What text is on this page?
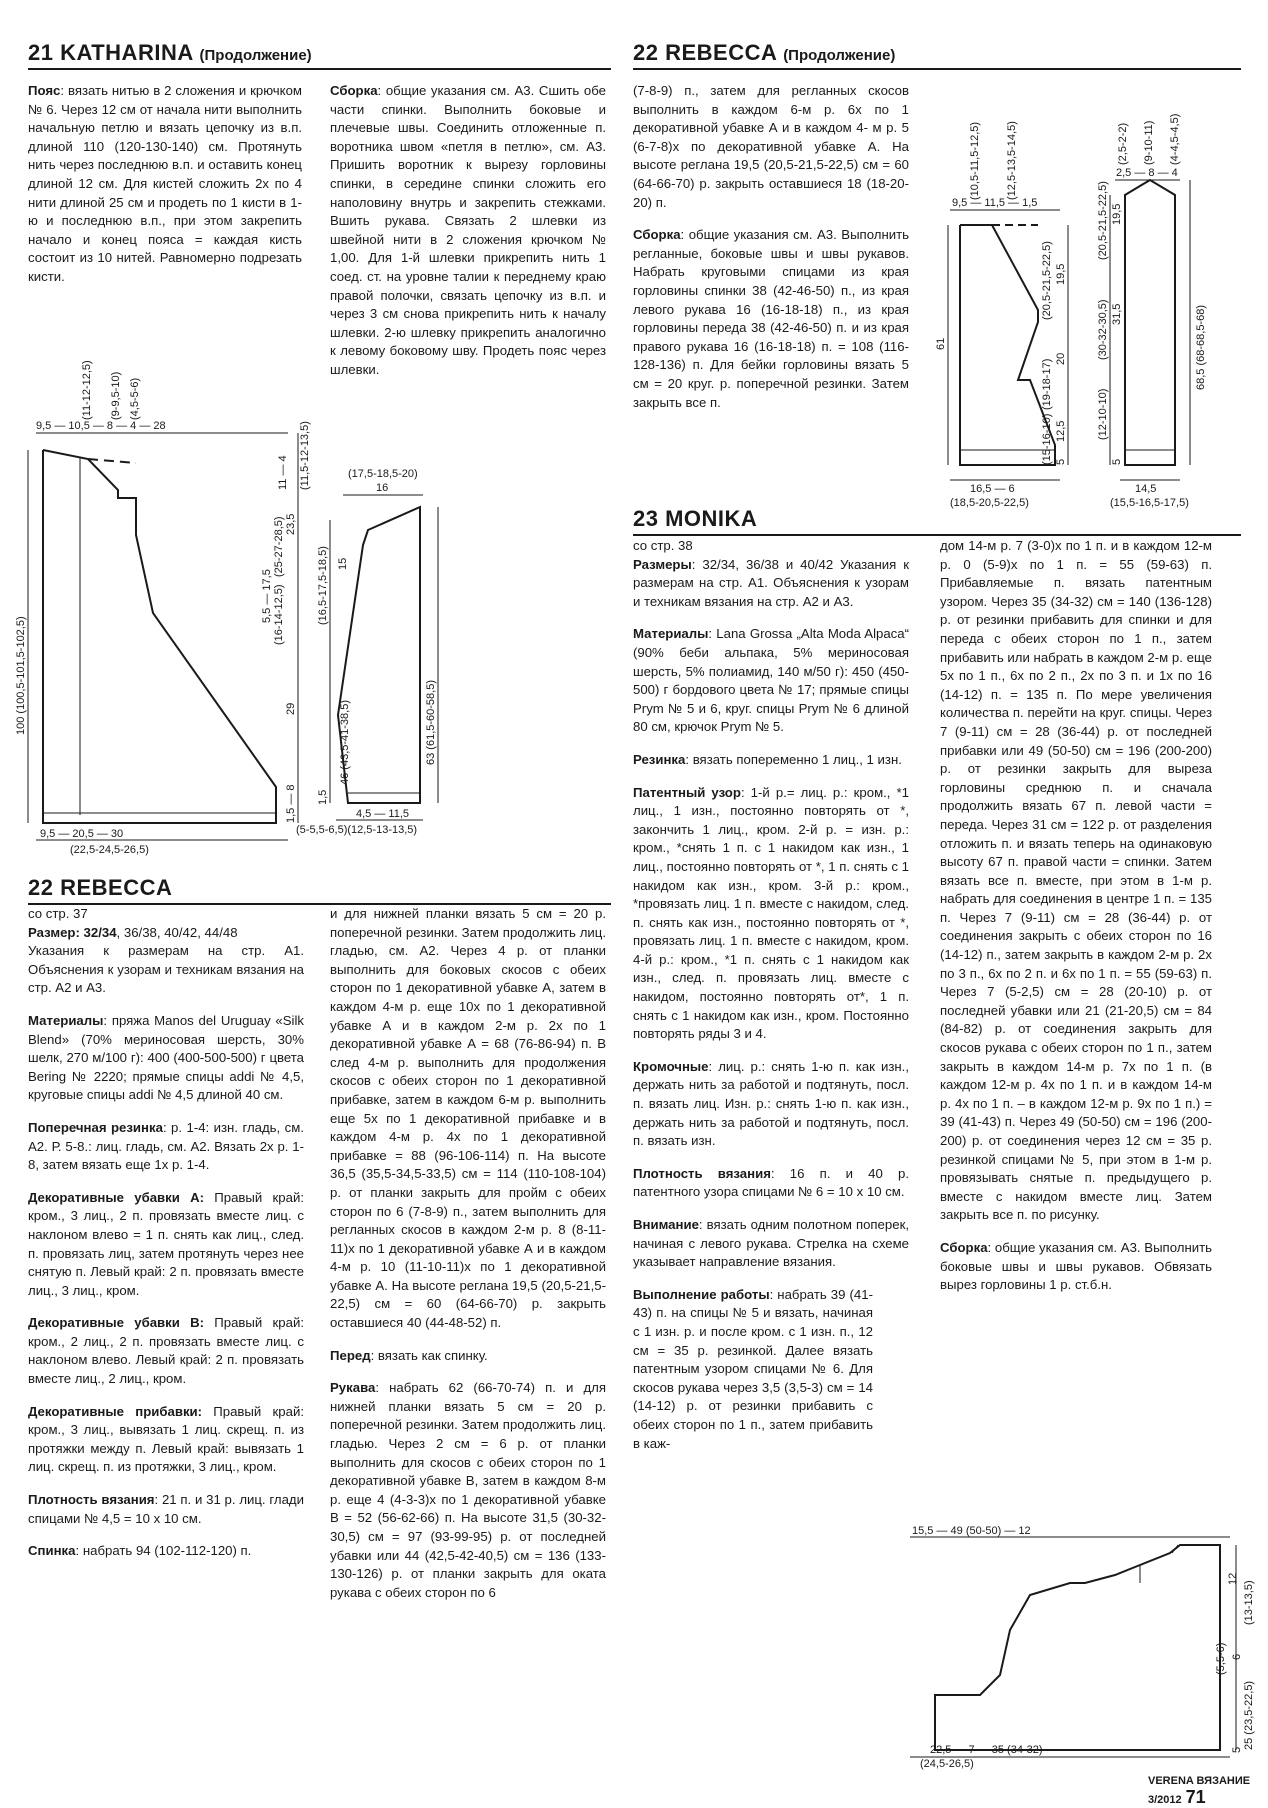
21 KATHARINA (Продолжение)

Пояс: вязать нитью в 2 сложения и крючком № 6. Через 12 см от начала нити выполнить начальную петлю и вязать цепочку из в.п. длиной 110 (120-130-140) см. Протянуть нить через последнюю в.п. и оставить конец длиной 12 см. Для кистей сложить 2х по 4 нити длиной 25 см и продеть по 1 кисти в 1-ю и последнюю в.п., при этом закрепить начало и конец пояса = каждая кисть состоит из 10 нитей. Равномерно подрезать кисти.

Сборка: общие указания см. А3. Сшить обе части спинки. Выполнить боковые и плечевые швы. Соединить отложенные п. воротника швом «петля в петлю», см. А3. Пришить воротник к вырезу горловины спинки, в середине спинки сложить его наполовину внутрь и закрепить стежками. Вшить рукава. Связать 2 шлевки из швейной нити в 2 сложения крючком № 1,00. Для 1-й шлевки прикрепить нить 1 соед. ст. на уровне талии к переднему краю правой полочки, связать цепочку из в.п. и через 3 см снова прикрепить нить к началу шлевки. 2-ю шлевку прикрепить аналогично к левому боковому шву. Продеть пояс через шлевки.

9,5 — 10,5 — 8 — 4 — 28
(11-12-12,5) (9-9,5-10) (4,5-5-6)
100 (100,5-101,5-102,5)
11 — 4 (11,5-12-13,5)
23,5
(25-27-28,5)
5,5 — 17,5 (16-14-12,5)
29
1,5 — 8
9,5 — 20,5 — 30
(22,5-24,5-26,5)
(17,5-18,5-20)
16
(16,5-17,5-18,5) 15
46 (43,5-41-38,5)
1,5
63 (61,5-60-58,5)
4,5 — 11,5
(5-5,5-6,5)(12,5-13-13,5)
22 REBECCA

со стр. 37
Размер: 32/34, 36/38, 40/42, 44/48
Указания к размерам на стр. А1. Объяснения к узорам и техникам вязания на стр. А2 и А3.

Материалы: пряжа Manos del Uruguay «Silk Blend» (70% мериносовая шерсть, 30% шелк, 270 м/100 г): 400 (400-500-500) г цвета Bering № 2220; прямые спицы addi № 4,5, круговые спицы addi № 4,5 длиной 40 см.

Поперечная резинка: р. 1-4: изн. гладь, см. А2. Р. 5-8.: лиц. гладь, см. А2. Вязать 2х р. 1-8, затем вязать еще 1х р. 1-4.

Декоративные убавки А: Правый край: кром., 3 лиц., 2 п. провязать вместе лиц. с наклоном влево = 1 п. снять как лиц., след. п. провязать лиц, затем протянуть через нее снятую п. Левый край: 2 п. провязать вместе лиц., 3 лиц., кром.

Декоративные убавки В: Правый край: кром., 2 лиц., 2 п. провязать вместе лиц. с наклоном влево. Левый край: 2 п. провязать вместе лиц., 2 лиц., кром.

Декоративные прибавки: Правый край: кром., 3 лиц., вывязать 1 лиц. скрещ. п. из протяжки между п. Левый край: вывязать 1 лиц. скрещ. п. из протяжки, 3 лиц., кром.

Плотность вязания: 21 п. и 31 р. лиц. глади спицами № 4,5 = 10 х 10 см.

Спинка: набрать 94 (102-112-120) п.

и для нижней планки вязать 5 см = 20 р. поперечной резинки. Затем продолжить лиц. гладью, см. А2. Через 4 р. от планки выполнить для боковых скосов с обеих сторон по 1 декоративной убавке А, затем в каждом 4-м р. еще 10х по 1 декоративной убавке А и в каждом 2-м р. 2х по 1 декоративной убавке А = 68 (76-86-94) п. В след 4-м р. выполнить для продолжения скосов с обеих сторон по 1 декоративной прибавке, затем в каждом 6-м р. выполнить еще 5х по 1 декоративной прибавке и в каждом 4-м р. 4х по 1 декоративной прибавке = 88 (96-106-114) п. На высоте 36,5 (35,5-34,5-33,5) см = 114 (110-108-104) р. от планки закрыть для пройм с обеих сторон по 6 (7-8-9) п., затем выполнить для регланных скосов в каждом 2-м р. 8 (8-11-11)х по 1 декоративной убавке А и в каждом 4-м р. 10 (11-10-11)х по 1 декоративной убавке А. На высоте реглана 19,5 (20,5-21,5-22,5) см = 60 (64-66-70) р. закрыть оставшиеся 40 (44-48-52) п.

Перед: вязать как спинку.

Рукава: набрать 62 (66-70-74) п. и для нижней планки вязать 5 см = 20 р. поперечной резинки. Затем продолжить лиц. гладью. Через 2 см = 6 р. от планки выполнить для скосов с обеих сторон по 1 декоративной убавке В, затем в каждом 8-м р. еще 4 (4-3-3)х по 1 декоративной убавке В = 52 (56-62-66) п. На высоте 31,5 (30-32-30,5) см = 97 (93-99-95) р. от последней убавки или 44 (42,5-42-40,5) см = 136 (133-130-126) р. от планки закрыть для оката рукава с обеих сторон по 6

22 REBECCA (Продолжение)

(7-8-9) п., затем для регланных скосов выполнить в каждом 6-м р. 6х по 1 декоративной убавке А и в каждом 4- м р. 5 (6-7-8)х по декоративной убавке А. На высоте реглана 19,5 (20,5-21,5-22,5) см = 60 (64-66-70) р. закрыть оставшиеся 18 (18-20-20) п.

Сборка: общие указания см. А3. Выполнить регланные, боковые швы и швы рукавов. Набрать круговыми спицами из края горловины спинки 38 (42-46-50) п., из края левого рукава 16 (16-18-18) п., из края горловины переда 38 (42-46-50) п. и из края правого рукава 16 (16-18-18) п. = 108 (116-128-136) п. Для бейки горловины вязать 5 см = 20 круг. р. поперечной резинки. Затем закрыть все п.

(10,5-11,5-12,5) (12,5-13,5-14,5)
9,5 — 11,5 — 1,5
61
(20,5-21,5-22,5) 19,5
(19-18-17) 20
(15-16-10) 12,5
5
16,5 — 6
(18,5-20,5-22,5)
(2,5-2-2) (9-10-11) (4-4,5-4,5)
2,5 — 8 — 4
(20,5-21,5-22,5) 19,5
(30-32-30,5) 31,5
(12-10-10)
5
68,5 (68-68,5-68)
14,5
(15,5-16,5-17,5)
23 MONIKA

со стр. 38
Размеры: 32/34, 36/38 и 40/42 Указания к размерам на стр. А1. Объяснения к узорам и техникам вязания на стр. А2 и А3.

Материалы: Lana Grossa „Alta Moda Alpaca“ (90% беби альпака, 5% мериносовая шерсть, 5% полиамид, 140 м/50 г): 450 (450-500) г бордового цвета № 17; прямые спицы Prym № 5 и 6, круг. спицы Prym № 6 длиной 80 см, крючок Prym № 5.

Резинка: вязать попеременно 1 лиц., 1 изн.

Патентный узор: 1-й р.= лиц. р.: кром., *1 лиц., 1 изн., постоянно повторять от *, закончить 1 лиц., кром. 2-й р. = изн. р.: кром., *снять 1 п. с 1 накидом как изн., 1 лиц., постоянно повторять от *, 1 п. снять с 1 накидом как изн., кром. 3-й р.: кром., *провязать лиц. 1 п. вместе с накидом, след. п. снять как изн., постоянно повторять от *, провязать лиц. 1 п. вместе с накидом, кром. 4-й р.: кром., *1 п. снять с 1 накидом как изн., след. п. провязать лиц. вместе с накидом, постоянно повторять от*, 1 п. снять с 1 накидом как изн., кром. Постоянно повторять ряды 3 и 4.

Кромочные: лиц. р.: снять 1-ю п. как изн., держать нить за работой и подтянуть, посл. п. вязать лиц. Изн. р.: снять 1-ю п. как изн., держать нить за работой и подтянуть, посл. п. вязать изн.

Плотность вязания: 16 п. и 40 р. патентного узора спицами № 6 = 10 х 10 см.

Внимание: вязать одним полотном поперек, начиная с левого рукава. Стрелка на схеме указывает направление вязания.

Выполнение работы: набрать 39 (41-43) п. на спицы № 5 и вязать, начиная с 1 изн. р. и после кром. с 1 изн. п., 12 см = 35 р. резинкой. Далее вязать патентным узором спицами № 6. Для скосов рукава через 3,5 (3,5-3) см = 14 (14-12) р. от резинки прибавить с обеих сторон по 1 п., затем прибавить в каж-

дом 14-м р. 7 (3-0)х по 1 п. и в каждом 12-м р. 0 (5-9)х по 1 п. = 55 (59-63) п. Прибавляемые п. вязать патентным узором. Через 35 (34-32) см = 140 (136-128) р. от резинки прибавить для спинки и для переда с обеих сторон по 1 п., затем прибавить или набрать в каждом 2-м р. еще 5х по 1 п., 6х по 2 п., 2х по 3 п. и 1х по 16 (14-12) п. = 135 п. По мере увеличения количества п. перейти на круг. спицы. Через 7 (9-11) см = 28 (36-44) р. от последней прибавки или 49 (50-50) см = 196 (200-200) р. от резинки закрыть для выреза горловины среднюю п. и сначала продолжить вязать 67 п. левой части = переда. Через 31 см = 122 р. от разделения отложить п. и вязать теперь на одинаковую высоту 67 п. правой части = спинки. Затем вязать все п. вместе, при этом в 1-м р. набрать для соединения в центре 1 п. = 135 п. Через 7 (9-11) см = 28 (36-44) р. от соединения закрыть с обеих сторон по 16 (14-12) п., затем закрыть в каждом 2-м р. 2х по 3 п., 6х по 2 п. и 6х по 1 п. = 55 (59-63) п. Через 7 (5-2,5) см = 28 (20-10) р. от последней убавки или 21 (21-20,5) см = 84 (84-82) р. от соединения закрыть для скосов рукава с обеих сторон по 1 п., затем закрыть в каждом 14-м р. 7х по 1 п. (в каждом 12-м р. 4х по 1 п. и в каждом 14-м р. 4х по 1 п. – в каждом 12-м р. 9х по 1 п.) = 39 (41-43) п. Через 49 (50-50) см = 196 (200-200) р. от соединения через 12 см = 35 р. резинкой спицами № 5, при этом в 1-м р. провязывать снятые п. предыдущего р. вместе с накидом вместе лиц. Затем закрыть все п. по рисунку.

Сборка: общие указания см. А3. Выполнить боковые швы и швы рукавов. Обвязать вырез горловины 1 р. ст.б.н.

15,5 — 49 (50-50) — 12
12
(13-13,5)
(5,5-6) 6
25 (23,5-22,5)
5
22,5 — 7 — 35 (34-32)
(24,5-26,5)
VERENA ВЯЗАНИЕ 3/2012 71
